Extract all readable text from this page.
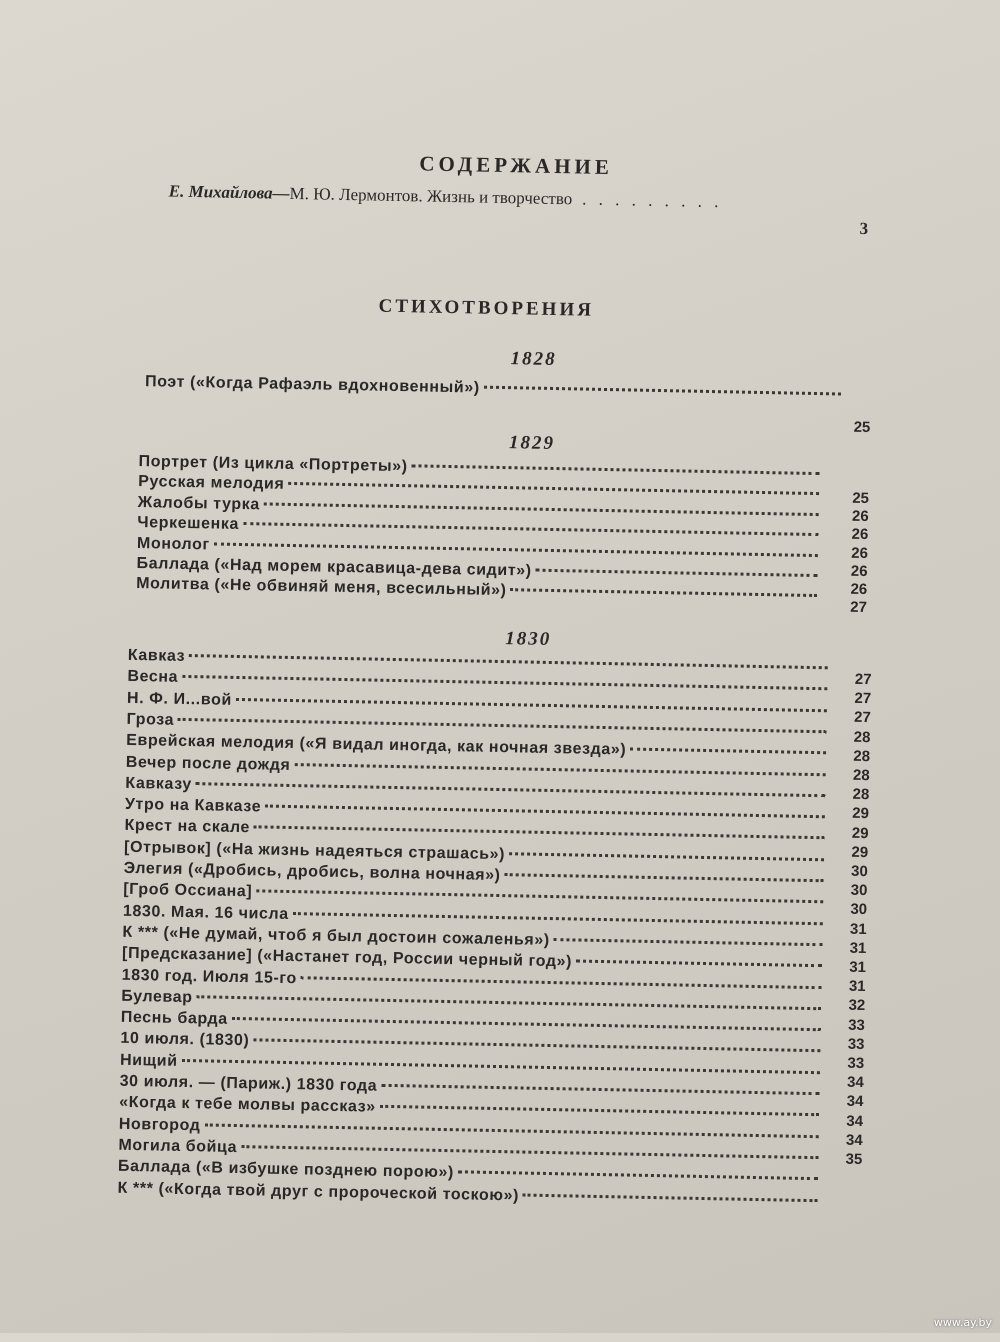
СОДЕРЖАНИЕ
Е. Михайлова—М. Ю. Лермонтов. Жизнь и творчество . . . . . . . . .
3
СТИХОТВОРЕНИЯ
1828
Поэт («Когда Рафаэль вдохновенный»)
25
1829
Портрет (Из цикла «Портреты»)
Русская мелодия
Жалобы турка
Черкешенка
Монолог
Баллада («Над морем красавица-дева сидит»)
Молитва («Не обвиняй меня, всесильный»)
25
26
26
26
26
26
27
1830
Кавказ
Весна
Н. Ф. И...вой
Гроза
Еврейская мелодия («Я видал иногда, как ночная звезда»)
Вечер после дождя
Кавказу
Утро на Кавказе
Крест на скале
[Отрывок] («На жизнь надеяться страшась»)
Элегия («Дробись, дробись, волна ночная»)
[Гроб Оссиана]
1830. Мая. 16 числа
К *** («Не думай, чтоб я был достоин сожаленья»)
[Предсказание] («Настанет год, России черный год»)
1830 год. Июля 15-го
Булевар
Песнь барда
10 июля. (1830)
Нищий
30 июля. — (Париж.) 1830 года
«Когда к тебе молвы рассказ»
Новгород
Могила бойца
Баллада («В избушке позднею порою»)
К *** («Когда твой друг с пророческой тоскою»)
27
27
27
28
28
28
28
29
29
29
30
30
30
31
31
31
31
32
33
33
33
34
34
34
34
35
www.ay.by
